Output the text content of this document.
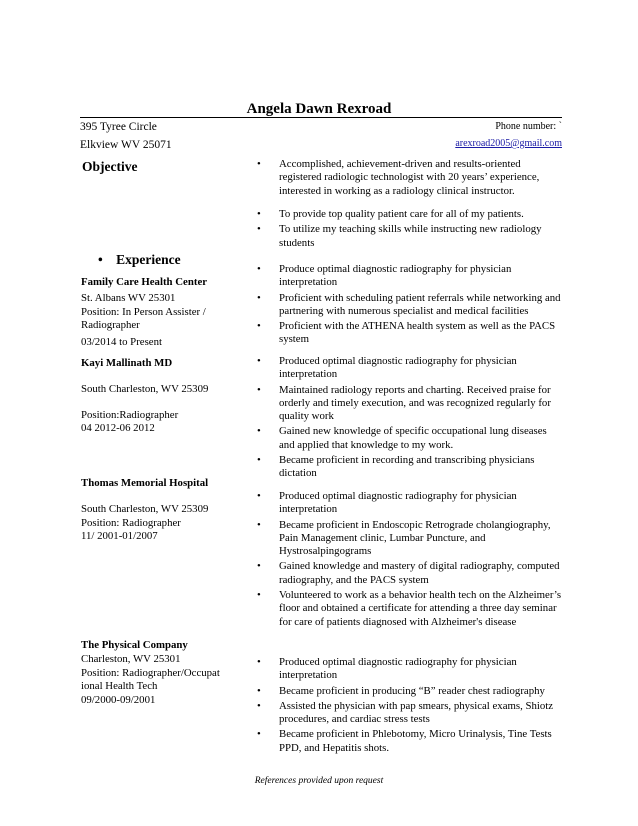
Angela Dawn Rexroad
395 Tyree Circle
Elkview WV 25071
Phone number: `
arexroad2005@gmail.com
Objective
•	Accomplished, achievement-driven and results-oriented registered radiologic technologist with 20 years’ experience, interested in working as a radiology clinical instructor.
• To provide top quality patient care for all of my patients.
• To utilize my teaching skills while instructing new radiology students
• Experience
Family Care Health Center
St. Albans WV 25301
Position: In Person Assister /
Radiographer
03/2014 to Present
• Produce optimal diagnostic radiography for physician interpretation
• Proficient with scheduling patient referrals while networking and partnering with numerous specialist and medical facilities
• Proficient with the ATHENA health system as well as the PACS system
Kayi Mallinath MD
South Charleston, WV 25309
Position:Radiographer
04 2012-06 2012
• Produced optimal diagnostic radiography for physician interpretation
• Maintained radiology reports and charting. Received praise for orderly and timely execution, and was recognized regularly for quality work
• Gained new knowledge of specific occupational lung diseases and applied that knowledge to my work.
• Became proficient in recording and transcribing physicians dictation
Thomas Memorial Hospital
South Charleston, WV 25309
Position: Radiographer
11/ 2001-01/2007
• Produced optimal diagnostic radiography for physician interpretation
• Became proficient in Endoscopic Retrograde cholangiography, Pain Management clinic, Lumbar Puncture, and Hystrosalpingograms
• Gained knowledge and mastery of digital radiography, computed radiography, and the PACS system
• Volunteered to work as a behavior health tech on the Alzheimer’s floor and obtained a certificate for attending a three day seminar for care of patients diagnosed with Alzheimer's disease
The Physical Company
Charleston, WV 25301
Position: Radiographer/Occupat
ional Health Tech
09/2000-09/2001
• Produced optimal diagnostic radiography for physician interpretation
• Became proficient in producing “B” reader chest radiography
• Assisted the physician with pap smears, physical exams, Shiotz procedures, and cardiac stress tests
• Became proficient in Phlebotomy, Micro Urinalysis, Tine Tests PPD, and Hepatitis shots.
References provided upon request
